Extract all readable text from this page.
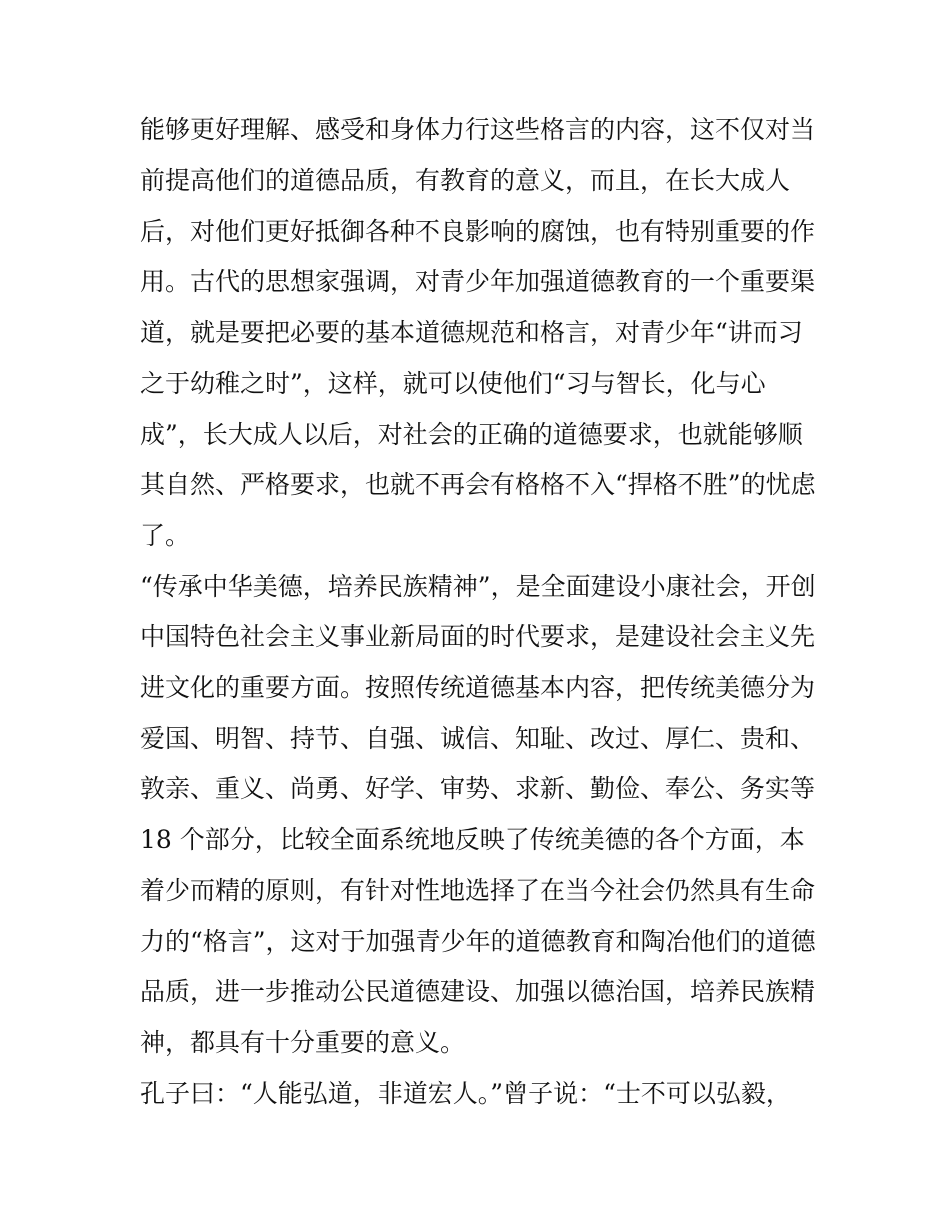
能够更好理解、感受和身体力行这些格言的内容，这不仅对当
前提高他们的道德品质，有教育的意义，而且，在长大成人
后，对他们更好抵御各种不良影响的腐蚀，也有特别重要的作
用。古代的思想家强调，对青少年加强道德教育的一个重要渠
道，就是要把必要的基本道德规范和格言，对青少年“讲而习
之于幼稚之时”，这样，就可以使他们“习与智长，化与心
成”，长大成人以后，对社会的正确的道德要求，也就能够顺
其自然、严格要求，也就不再会有格格不入“捍格不胜”的忧虑
了。
“传承中华美德，培养民族精神”，是全面建设小康社会，开创
中国特色社会主义事业新局面的时代要求，是建设社会主义先
进文化的重要方面。按照传统道德基本内容，把传统美德分为
爱国、明智、持节、自强、诚信、知耻、改过、厚仁、贵和、
敦亲、重义、尚勇、好学、审势、求新、勤俭、奉公、务实等
18 个部分，比较全面系统地反映了传统美德的各个方面，本
着少而精的原则，有针对性地选择了在当今社会仍然具有生命
力的“格言”，这对于加强青少年的道德教育和陶冶他们的道德
品质，进一步推动公民道德建设、加强以德治国，培养民族精
神，都具有十分重要的意义。
孔子曰：“人能弘道，非道宏人。”曾子说：“士不可以弘毅，
